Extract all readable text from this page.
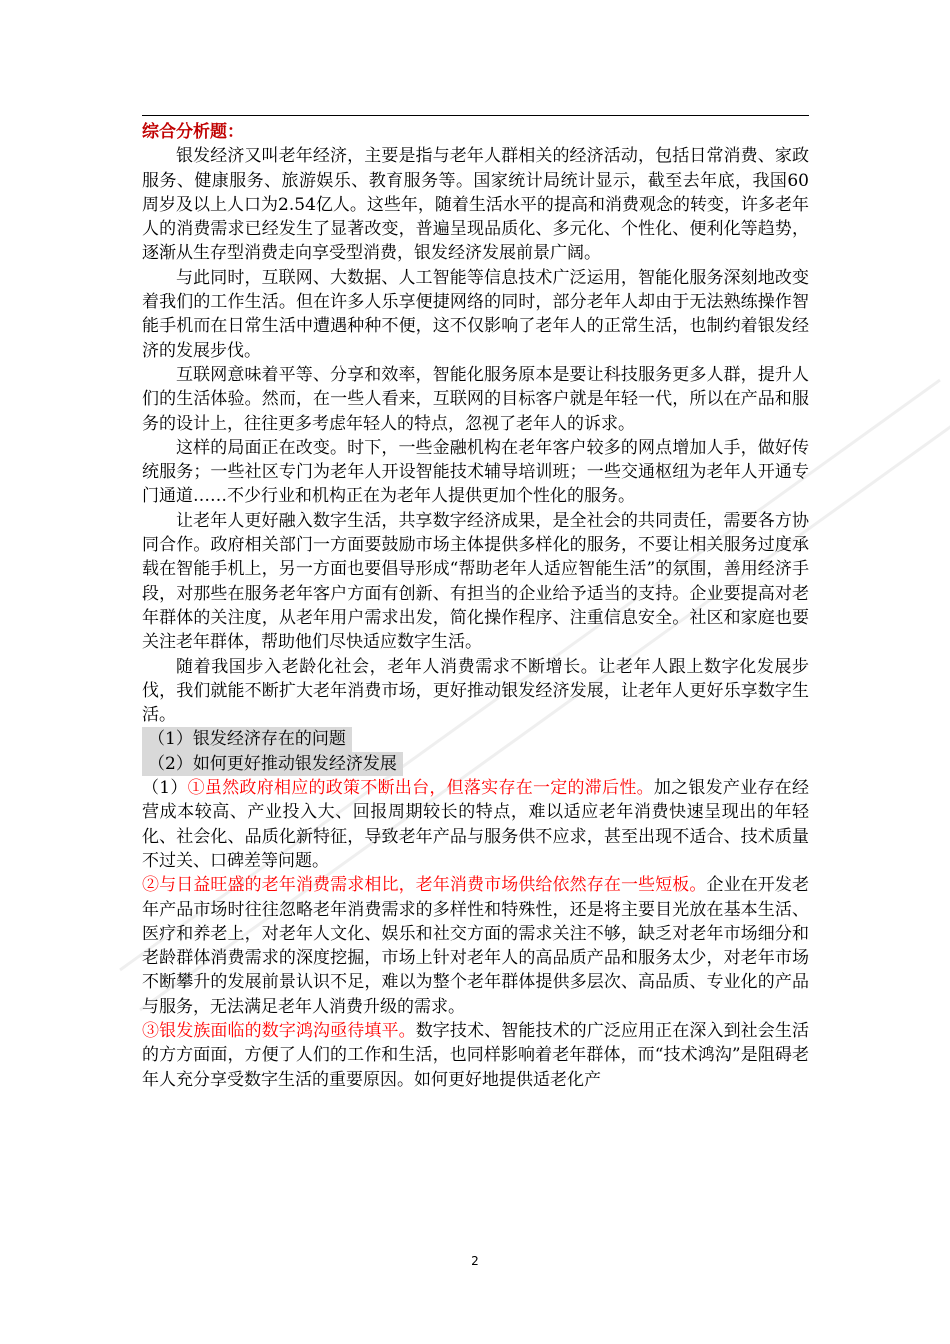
综合分析题：

银发经济又叫老年经济，主要是指与老年人群相关的经济活动，包括日常消费、家政服务、健康服务、旅游娱乐、教育服务等。国家统计局统计显示，截至去年底，我国60周岁及以上人口为2.54亿人。这些年，随着生活水平的提高和消费观念的转变，许多老年人的消费需求已经发生了显著改变，普遍呈现品质化、多元化、个性化、便利化等趋势，逐渐从生存型消费走向享受型消费，银发经济发展前景广阔。

与此同时，互联网、大数据、人工智能等信息技术广泛运用，智能化服务深刻地改变着我们的工作生活。但在许多人乐享便捷网络的同时，部分老年人却由于无法熟练操作智能手机而在日常生活中遭遇种种不便，这不仅影响了老年人的正常生活，也制约着银发经济的发展步伐。

互联网意味着平等、分享和效率，智能化服务原本是要让科技服务更多人群，提升人们的生活体验。然而，在一些人看来，互联网的目标客户就是年轻一代，所以在产品和服务的设计上，往往更多考虑年轻人的特点，忽视了老年人的诉求。

这样的局面正在改变。时下，一些金融机构在老年客户较多的网点增加人手，做好传统服务；一些社区专门为老年人开设智能技术辅导培训班；一些交通枢纽为老年人开通专门通道……不少行业和机构正在为老年人提供更加个性化的服务。

让老年人更好融入数字生活，共享数字经济成果，是全社会的共同责任，需要各方协同合作。政府相关部门一方面要鼓励市场主体提供多样化的服务，不要让相关服务过度承载在智能手机上，另一方面也要倡导形成“帮助老年人适应智能生活”的氛围，善用经济手段，对那些在服务老年客户方面有创新、有担当的企业给予适当的支持。企业要提高对老年群体的关注度，从老年用户需求出发，简化操作程序、注重信息安全。社区和家庭也要关注老年群体，帮助他们尽快适应数字生活。

随着我国步入老龄化社会，老年人消费需求不断增长。让老年人跟上数字化发展步伐，我们就能不断扩大老年消费市场，更好推动银发经济发展，让老年人更好乐享数字生活。

（1）银发经济存在的问题

（2）如何更好推动银发经济发展

（1）①虽然政府相应的政策不断出台，但落实存在一定的滞后性。加之银发产业存在经营成本较高、产业投入大、回报周期较长的特点，难以适应老年消费快速呈现出的年轻化、社会化、品质化新特征，导致老年产品与服务供不应求，甚至出现不适合、技术质量不过关、口碑差等问题。

②与日益旺盛的老年消费需求相比，老年消费市场供给依然存在一些短板。企业在开发老年产品市场时往往忽略老年消费需求的多样性和特殊性，还是将主要目光放在基本生活、医疗和养老上，对老年人文化、娱乐和社交方面的需求关注不够，缺乏对老年市场细分和老龄群体消费需求的深度挖掘，市场上针对老年人的高品质产品和服务太少，对老年市场不断攀升的发展前景认识不足，难以为整个老年群体提供多层次、高品质、专业化的产品与服务，无法满足老年人消费升级的需求。

③银发族面临的数字鸿沟亟待填平。数字技术、智能技术的广泛应用正在深入到社会生活的方方面面，方便了人们的工作和生活，也同样影响着老年群体，而“技术鸿沟”是阻碍老年人充分享受数字生活的重要原因。如何更好地提供适老化产

2
